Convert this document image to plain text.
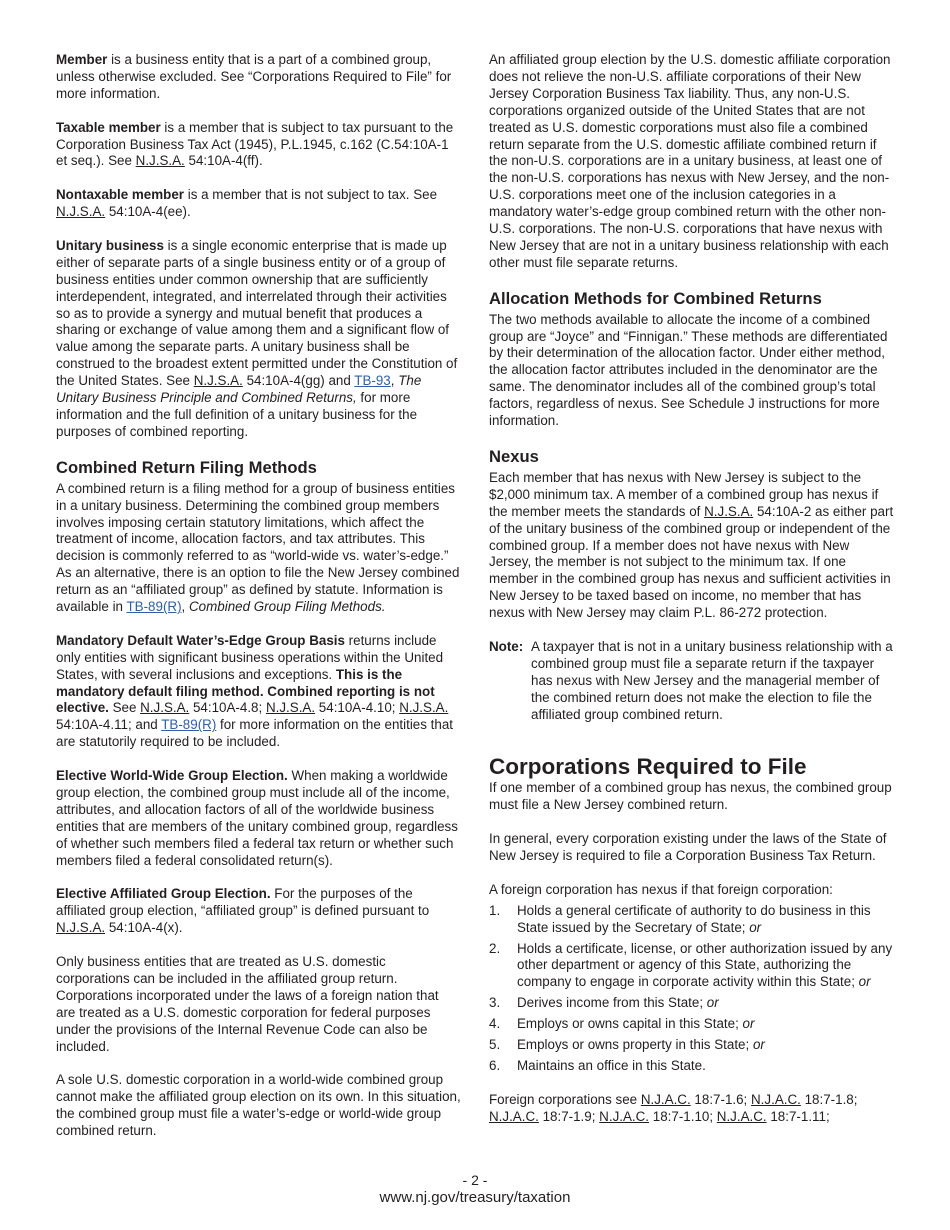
Member is a business entity that is a part of a combined group, unless otherwise excluded. See “Corporations Required to File” for more information.

Taxable member is a member that is subject to tax pursuant to the Corporation Business Tax Act (1945), P.L.1945, c.162 (C.54:10A-1 et seq.). See N.J.S.A. 54:10A-4(ff).

Nontaxable member is a member that is not subject to tax. See N.J.S.A. 54:10A-4(ee).

Unitary business is a single economic enterprise that is made up either of separate parts of a single business entity or of a group of business entities under common ownership that are sufficiently interdependent, integrated, and interrelated through their activities so as to provide a synergy and mutual benefit that produces a sharing or exchange of value among them and a significant flow of value among the separate parts. A unitary business shall be construed to the broadest extent permitted under the Constitution of the United States. See N.J.S.A. 54:10A-4(gg) and TB-93, The Unitary Business Principle and Combined Returns, for more information and the full definition of a unitary business for the purposes of combined reporting.

Combined Return Filing Methods

A combined return is a filing method for a group of business entities in a unitary business. Determining the combined group members involves imposing certain statutory limitations, which affect the treatment of income, allocation factors, and tax attributes. This decision is commonly referred to as “world-wide vs. water’s-edge.” As an alternative, there is an option to file the New Jersey combined return as an “affiliated group” as defined by statute. Information is available in TB-89(R), Combined Group Filing Methods.

Mandatory Default Water’s-Edge Group Basis returns include only entities with significant business operations within the United States, with several inclusions and exceptions. This is the mandatory default filing method. Combined reporting is not elective. See N.J.S.A. 54:10A-4.8; N.J.S.A. 54:10A-4.10; N.J.S.A. 54:10A-4.11; and TB-89(R) for more information on the entities that are statutorily required to be included.

Elective World-Wide Group Election. When making a worldwide group election, the combined group must include all of the income, attributes, and allocation factors of all of the worldwide business entities that are members of the unitary combined group, regardless of whether such members filed a federal tax return or whether such members filed a federal consolidated return(s).

Elective Affiliated Group Election. For the purposes of the affiliated group election, “affiliated group” is defined pursuant to N.J.S.A. 54:10A-4(x).

Only business entities that are treated as U.S. domestic corporations can be included in the affiliated group return. Corporations incorporated under the laws of a foreign nation that are treated as a U.S. domestic corporation for federal purposes under the provisions of the Internal Revenue Code can also be included.

A sole U.S. domestic corporation in a world-wide combined group cannot make the affiliated group election on its own. In this situation, the combined group must file a water’s-edge or world-wide group combined return.

An affiliated group election by the U.S. domestic affiliate corporation does not relieve the non-U.S. affiliate corporations of their New Jersey Corporation Business Tax liability. Thus, any non-U.S. corporations organized outside of the United States that are not treated as U.S. domestic corporations must also file a combined return separate from the U.S. domestic affiliate combined return if the non-U.S. corporations are in a unitary business, at least one of the non-U.S. corporations has nexus with New Jersey, and the non-U.S. corporations meet one of the inclusion categories in a mandatory water’s-edge group combined return with the other non-U.S. corporations. The non-U.S. corporations that have nexus with New Jersey that are not in a unitary business relationship with each other must file separate returns.

Allocation Methods for Combined Returns

The two methods available to allocate the income of a combined group are “Joyce” and “Finnigan.” These methods are differentiated by their determination of the allocation factor. Under either method, the allocation factor attributes included in the denominator are the same. The denominator includes all of the combined group’s total factors, regardless of nexus. See Schedule J instructions for more information.

Nexus

Each member that has nexus with New Jersey is subject to the $2,000 minimum tax. A member of a combined group has nexus if the member meets the standards of N.J.S.A. 54:10A-2 as either part of the unitary business of the combined group or independent of the combined group. If a member does not have nexus with New Jersey, the member is not subject to the minimum tax. If one member in the combined group has nexus and sufficient activities in New Jersey to be taxed based on income, no member that has nexus with New Jersey may claim P.L. 86-272 protection.

Note: A taxpayer that is not in a unitary business relationship with a combined group must file a separate return if the taxpayer has nexus with New Jersey and the managerial member of the combined return does not make the election to file the affiliated group combined return.
Corporations Required to File

If one member of a combined group has nexus, the combined group must file a New Jersey combined return.

In general, every corporation existing under the laws of the State of New Jersey is required to file a Corporation Business Tax Return.

A foreign corporation has nexus if that foreign corporation:

1.	Holds a general certificate of authority to do business in this State issued by the Secretary of State; or
2.	Holds a certificate, license, or other authorization issued by any other department or agency of this State, authorizing the company to engage in corporate activity within this State; or
3.	Derives income from this State; or
4.	Employs or owns capital in this State; or
5.	Employs or owns property in this State; or
6.	Maintains an office in this State.

Foreign corporations see N.J.A.C. 18:7-1.6; N.J.A.C. 18:7-1.8; N.J.A.C. 18:7-1.9; N.J.A.C. 18:7-1.10; N.J.A.C. 18:7-1.11;

- 2 -
www.nj.gov/treasury/taxation
